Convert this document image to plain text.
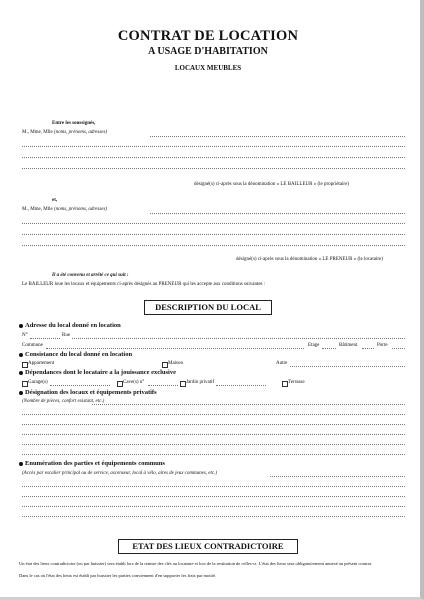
CONTRAT DE LOCATION
A USAGE D'HABITATION
LOCAUX MEUBLES
Entre les soussignés,
M., Mme, Mlle (noms, prénoms, adresses)
désigné(s) ci-après sous la dénomination « LE BAILLEUR » (le propriétaire)
et,
M., Mme, Mlle (noms, prénoms, adresses)
désigné(s) ci-après sous la dénomination « LE PRENEUR » (le locataire)
Il a été convenu et arrêté ce qui suit :
Le BAILLEUR loue les locaux et équipements ci-après désignés au PRENEUR qui les accepte aux conditions suivantes :
DESCRIPTION DU LOCAL
Adresse du local donné en location
N°	Rue
Commune	Etage	Bâtiment	Porte
Consistance du local donné en location
Appartement	Maison	Autre
Dépendances dont le locataire a la jouissance exclusive
Garage(s)	Cave(s) n°	Jardin privatif	Terrasse
Désignation des locaux et équipements privatifs
(Nombre de pièces, confort existant, etc.)
Enumération des parties et équipements communs
(Accès par escalier principal ou de service, ascenseur, local à vélo, aires de jeux communes, etc.)
ETAT DES LIEUX CONTRADICTOIRE
Un état des lieux contradictoire (ou par huissier) sera établi lors de la remise des clés au locataire et lors de la restitution de celles-ci. L'état des lieux sera obligatoirement annexé au présent contrat.
Dans le cas où l'état des lieux est établi par huissier les parties conviennent d'en supporter les frais par moitié.
